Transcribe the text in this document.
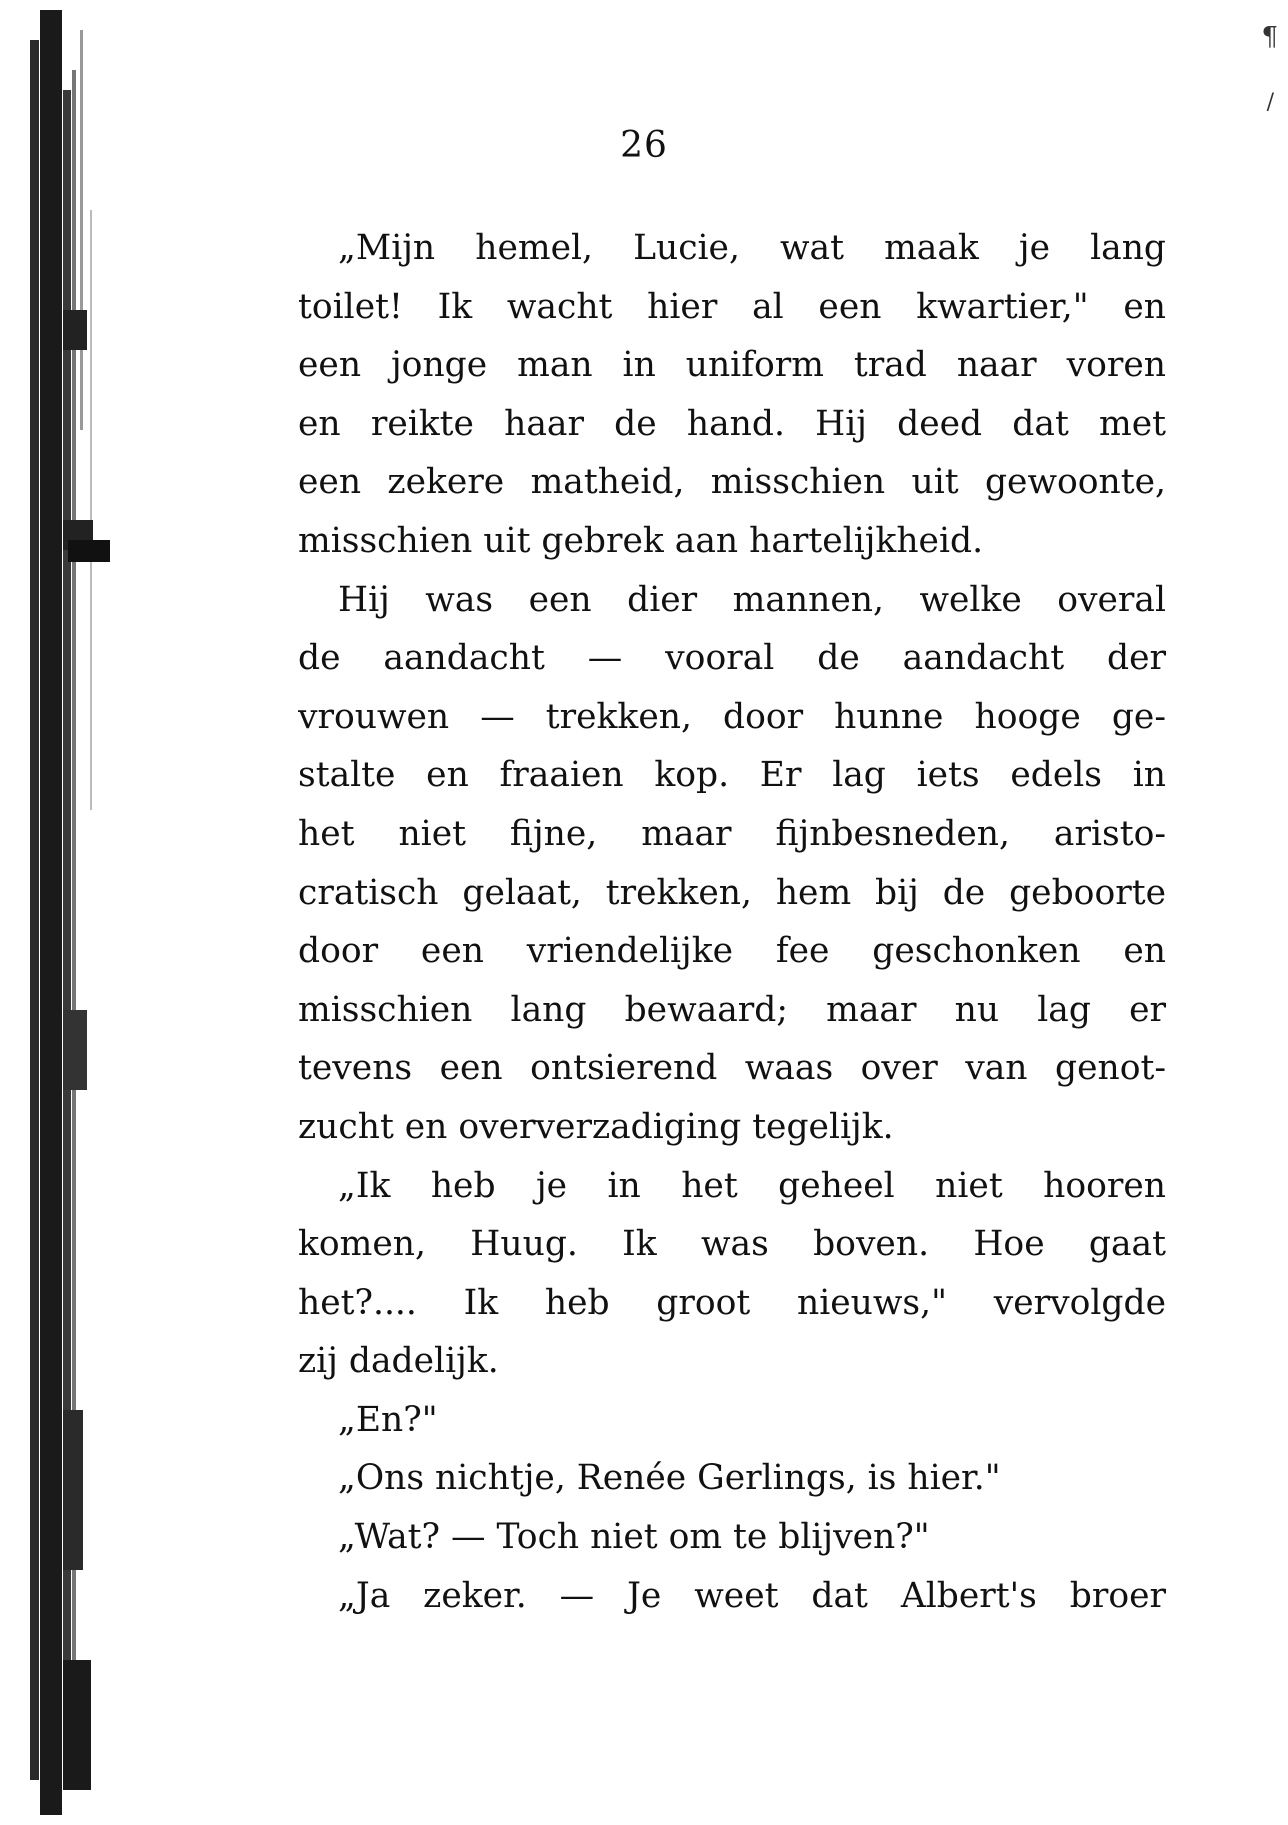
¶
/
26
„Mijn hemel, Lucie, wat maak je lang
toilet! Ik wacht hier al een kwartier," en
een jonge man in uniform trad naar voren
en reikte haar de hand. Hij deed dat met
een zekere matheid, misschien uit gewoonte,
misschien uit gebrek aan hartelijkheid.
Hij was een dier mannen, welke overal
de aandacht — vooral de aandacht der
vrouwen — trekken, door hunne hooge ge-
stalte en fraaien kop. Er lag iets edels in
het niet fijne, maar fijnbesneden, aristo-
cratisch gelaat, trekken, hem bij de geboorte
door een vriendelijke fee geschonken en
misschien lang bewaard; maar nu lag er
tevens een ontsierend waas over van genot-
zucht en oververzadiging tegelijk.
„Ik heb je in het geheel niet hooren
komen, Huug. Ik was boven. Hoe gaat
het?.... Ik heb groot nieuws," vervolgde
zij dadelijk.
„En?"
„Ons nichtje, Renée Gerlings, is hier."
„Wat? — Toch niet om te blijven?"
„Ja zeker. — Je weet dat Albert's broer
